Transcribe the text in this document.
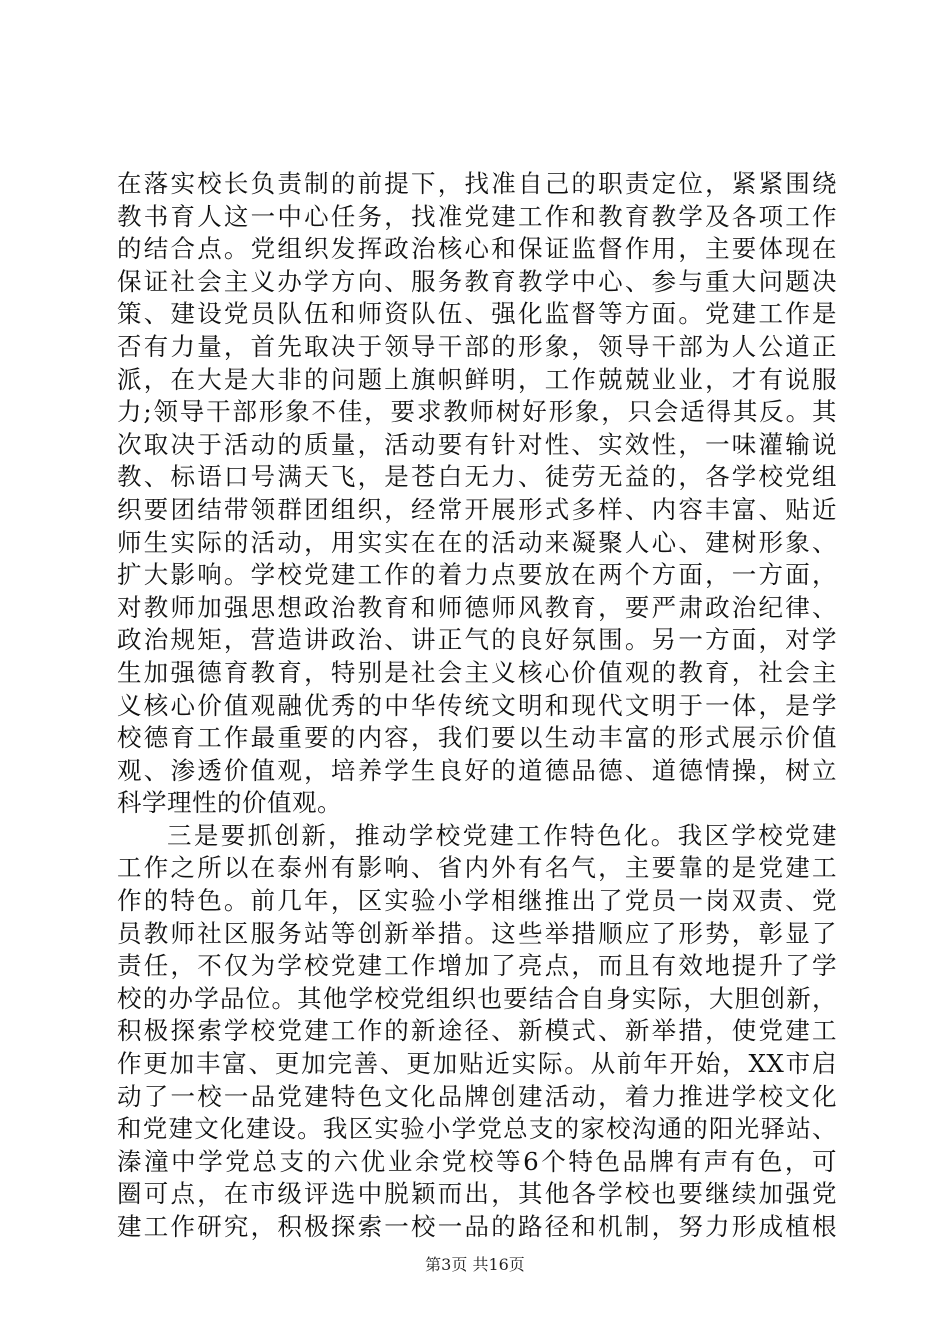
在落实校长负责制的前提下，找准自己的职责定位，紧紧围绕
教书育人这一中心任务，找准党建工作和教育教学及各项工作
的结合点。党组织发挥政治核心和保证监督作用，主要体现在
保证社会主义办学方向、服务教育教学中心、参与重大问题决
策、建设党员队伍和师资队伍、强化监督等方面。党建工作是
否有力量，首先取决于领导干部的形象，领导干部为人公道正
派，在大是大非的问题上旗帜鲜明，工作兢兢业业，才有说服
力;领导干部形象不佳，要求教师树好形象，只会适得其反。其
次取决于活动的质量，活动要有针对性、实效性，一味灌输说
教、标语口号满天飞，是苍白无力、徒劳无益的，各学校党组
织要团结带领群团组织，经常开展形式多样、内容丰富、贴近
师生实际的活动，用实实在在的活动来凝聚人心、建树形象、
扩大影响。学校党建工作的着力点要放在两个方面，一方面，
对教师加强思想政治教育和师德师风教育，要严肃政治纪律、
政治规矩，营造讲政治、讲正气的良好氛围。另一方面，对学
生加强德育教育，特别是社会主义核心价值观的教育，社会主
义核心价值观融优秀的中华传统文明和现代文明于一体，是学
校德育工作最重要的内容，我们要以生动丰富的形式展示价值
观、渗透价值观，培养学生良好的道德品德、道德情操，树立
科学理性的价值观。
三是要抓创新，推动学校党建工作特色化。我区学校党建
工作之所以在泰州有影响、省内外有名气，主要靠的是党建工
作的特色。前几年，区实验小学相继推出了党员一岗双责、党
员教师社区服务站等创新举措。这些举措顺应了形势，彰显了
责任，不仅为学校党建工作增加了亮点，而且有效地提升了学
校的办学品位。其他学校党组织也要结合自身实际，大胆创新，
积极探索学校党建工作的新途径、新模式、新举措，使党建工
作更加丰富、更加完善、更加贴近实际。从前年开始，XX市启
动了一校一品党建特色文化品牌创建活动，着力推进学校文化
和党建文化建设。我区实验小学党总支的家校沟通的阳光驿站、
溱潼中学党总支的六优业余党校等6个特色品牌有声有色，可
圈可点，在市级评选中脱颖而出，其他各学校也要继续加强党
建工作研究，积极探索一校一品的路径和机制，努力形成植根
第3页 共16页
